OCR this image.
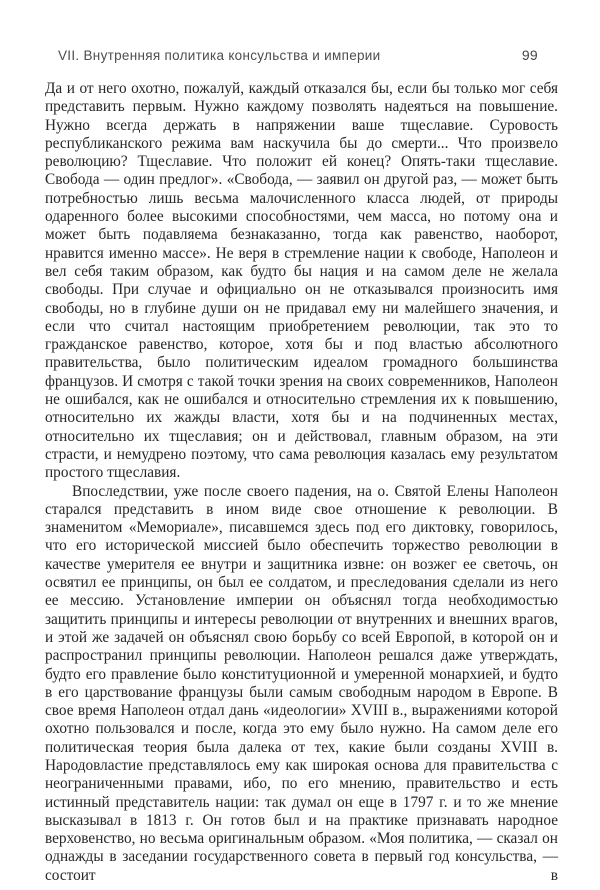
VII. Внутренняя политика консульства и империи	99

Да и от него охотно, пожалуй, каждый отказался бы, если бы только мог себя представить первым. Нужно каждому позволять надеяться на повышение. Нужно всегда держать в напряжении ваше тщеславие. Суровость республиканского режима вам наскучила бы до смерти... Что произвело революцию? Тщеславие. Что положит ей конец? Опять-таки тщеславие. Свобода — один предлог». «Свобода, — заявил он другой раз, — может быть потребностью лишь весьма малочисленного класса людей, от природы одаренного более высокими способностями, чем масса, но потому она и может быть подавляема безнаказанно, тогда как равенство, наоборот, нравится именно массе». Не веря в стремление нации к свободе, Наполеон и вел себя таким образом, как будто бы нация и на самом деле не желала свободы. При случае и официально он не отказывался произносить имя свободы, но в глубине души он не придавал ему ни малейшего значения, и если что считал настоящим приобретением революции, так это то гражданское равенство, которое, хотя бы и под властью абсолютного правительства, было политическим идеалом громадного большинства французов. И смотря с такой точки зрения на своих современников, Наполеон не ошибался, как не ошибался и относительно стремления их к повышению, относительно их жажды власти, хотя бы и на подчиненных местах, относительно их тщеславия; он и действовал, главным образом, на эти страсти, и немудрено поэтому, что сама революция казалась ему результатом простого тщеславия.

Впоследствии, уже после своего падения, на о. Святой Елены Наполеон старался представить в ином виде свое отношение к революции. В знаменитом «Мемориале», писавшемся здесь под его диктовку, говорилось, что его исторической миссией было обеспечить торжество революции в качестве умерителя ее внутри и защитника извне: он возжег ее светочь, он освятил ее принципы, он был ее солдатом, и преследования сделали из него ее мессию. Установление империи он объяснял тогда необходимостью защитить принципы и интересы революции от внутренних и внешних врагов, и этой же задачей он объяснял свою борьбу со всей Европой, в которой он и распространил принципы революции. Наполеон решался даже утверждать, будто его правление было конституционной и умеренной монархией, и будто в его царствование французы были самым свободным народом в Европе. В свое время Наполеон отдал дань «идеологии» XVIII в., выражениями которой охотно пользовался и после, когда это ему было нужно. На самом деле его политическая теория была далека от тех, какие были созданы XVIII в. Народовластие представлялось ему как широкая основа для правительства с неограниченными правами, ибо, по его мнению, правительство и есть истинный представитель нации: так думал он еще в 1797 г. и то же мнение высказывал в 1813 г. Он готов был и на практике признавать народное верховенство, но весьма оригинальным образом. «Моя политика, — сказал он однажды в заседании государственного совета в первый год консульства, — состоит в
